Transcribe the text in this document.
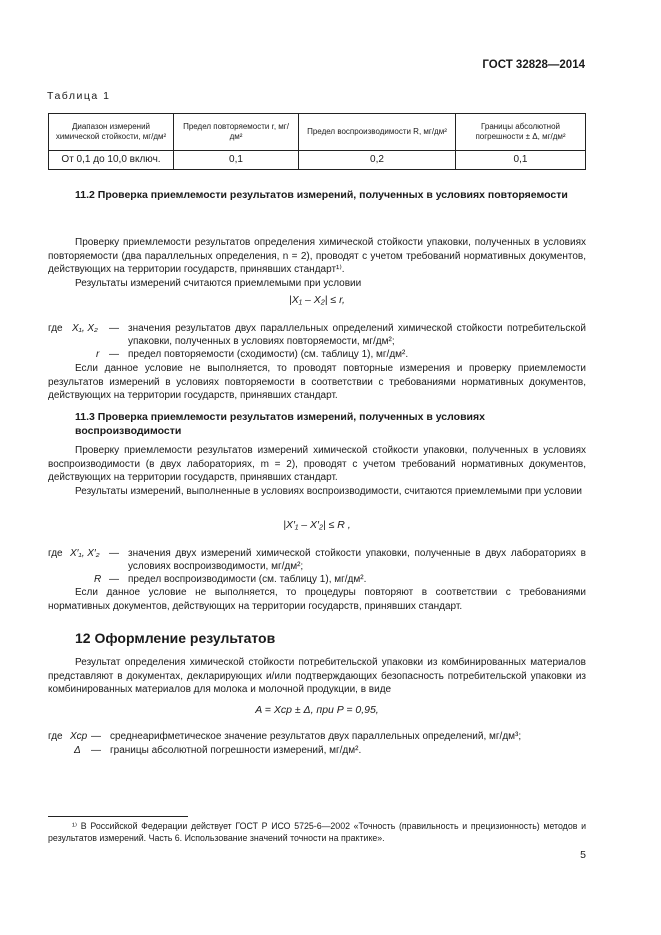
ГОСТ 32828—2014
Таблица 1
Диапазон измерений химической стойкости, мг/дм²	Предел повторяемости r, мг/дм²	Предел воспроизводимости R, мг/дм²	Границы абсолютной погрешности ± Δ, мг/дм²
От 0,1 до 10,0 включ.	0,1	0,2	0,1
11.2 Проверка приемлемости результатов измерений, полученных в условиях повторяемости

Проверку приемлемости результатов определения химической стойкости упаковки, полученных в условиях повторяемости (два параллельных определения, n = 2), проводят с учетом требований нормативных документов, действующих на территории государств, принявших стандарт¹⁾.

Результаты измерений считаются приемлемыми при условии

|X₁ – X₂| ≤ r,
где X₁, X₂ — значения результатов двух параллельных определений химической стойкости потребительской упаковки, полученных в условиях повторяемости, мг/дм²;
r — предел повторяемости (сходимости) (см. таблицу 1), мг/дм².

Если данное условие не выполняется, то проводят повторные измерения и проверку приемлемости результатов измерений в условиях повторяемости в соответствии с требованиями нормативных документов, действующих на территории государств, принявших стандарт.

11.3 Проверка приемлемости результатов измерений, полученных в условиях воспроизводимости

Проверку приемлемости результатов измерений химической стойкости упаковки, полученных в условиях воспроизводимости (в двух лабораториях, m = 2), проводят с учетом требований нормативных документов, действующих на территории государств, принявших стандарт.

Результаты измерений, выполненные в условиях воспроизводимости, считаются приемлемыми при условии

|X′₁ – X′₂| ≤ R ,
где X′₁, X′₂ — значения двух измерений химической стойкости упаковки, полученные в двух лабораториях в условиях воспроизводимости, мг/дм²;
R — предел воспроизводимости (см. таблицу 1), мг/дм².

Если данное условие не выполняется, то процедуры повторяют в соответствии с требованиями нормативных документов, действующих на территории государств, принявших стандарт.

12 Оформление результатов

Результат определения химической стойкости потребительской упаковки из комбинированных материалов представляют в документах, декларирующих и/или подтверждающих безопасность потребительской упаковки из комбинированных материалов для молока и молочной продукции, в виде

A = Xср ± Δ, при P = 0,95,
где Xср — среднеарифметическое значение результатов двух параллельных определений, мг/дм³;
Δ — границы абсолютной погрешности измерений, мг/дм².

¹⁾ В Российской Федерации действует ГОСТ Р ИСО 5725-6—2002 «Точность (правильность и прецизионность) методов и результатов измерений. Часть 6. Использование значений точности на практике».

5
